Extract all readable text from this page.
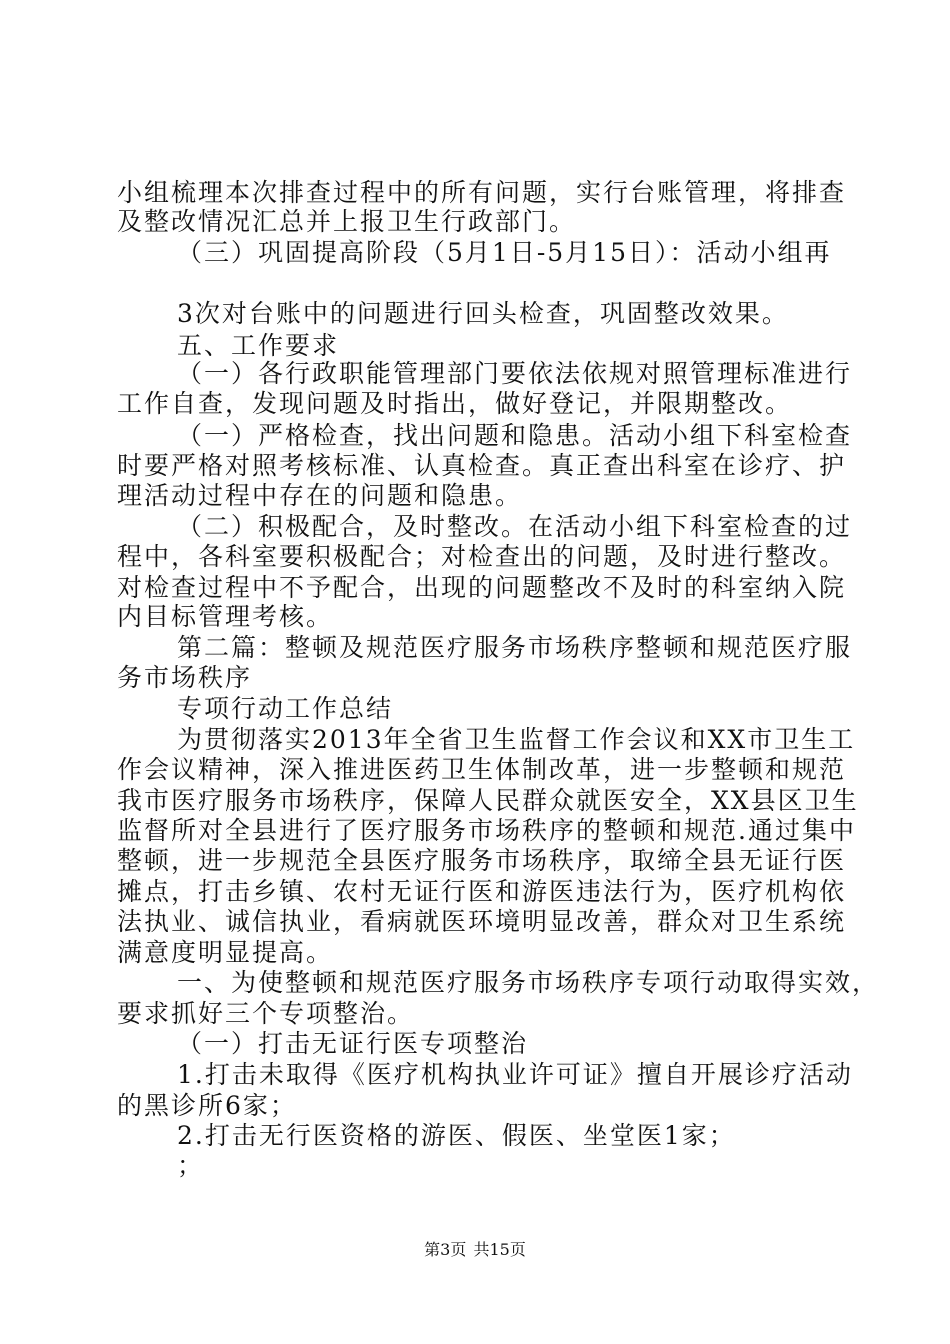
小组梳理本次排查过程中的所有问题，实行台账管理，将排查
及整改情况汇总并上报卫生行政部门。
（三）巩固提高阶段（5月1日-5月15日）：活动小组再
3次对台账中的问题进行回头检查，巩固整改效果。
五、工作要求
（一）各行政职能管理部门要依法依规对照管理标准进行
工作自查，发现问题及时指出，做好登记，并限期整改。
（一）严格检查，找出问题和隐患。活动小组下科室检查
时要严格对照考核标准、认真检查。真正查出科室在诊疗、护
理活动过程中存在的问题和隐患。
（二）积极配合，及时整改。在活动小组下科室检查的过
程中，各科室要积极配合；对检查出的问题，及时进行整改。
对检查过程中不予配合，出现的问题整改不及时的科室纳入院
内目标管理考核。
第二篇：整顿及规范医疗服务市场秩序整顿和规范医疗服
务市场秩序
专项行动工作总结
为贯彻落实2013年全省卫生监督工作会议和XX市卫生工
作会议精神，深入推进医药卫生体制改革，进一步整顿和规范
我市医疗服务市场秩序，保障人民群众就医安全，XX县区卫生
监督所对全县进行了医疗服务市场秩序的整顿和规范.通过集中
整顿，进一步规范全县医疗服务市场秩序，取缔全县无证行医
摊点，打击乡镇、农村无证行医和游医违法行为，医疗机构依
法执业、诚信执业，看病就医环境明显改善，群众对卫生系统
满意度明显提高。
一、为使整顿和规范医疗服务市场秩序专项行动取得实效，
要求抓好三个专项整治。
（一）打击无证行医专项整治
1.打击未取得《医疗机构执业许可证》擅自开展诊疗活动
的黑诊所6家；
2.打击无行医资格的游医、假医、坐堂医1家；
；
第3页 共15页
